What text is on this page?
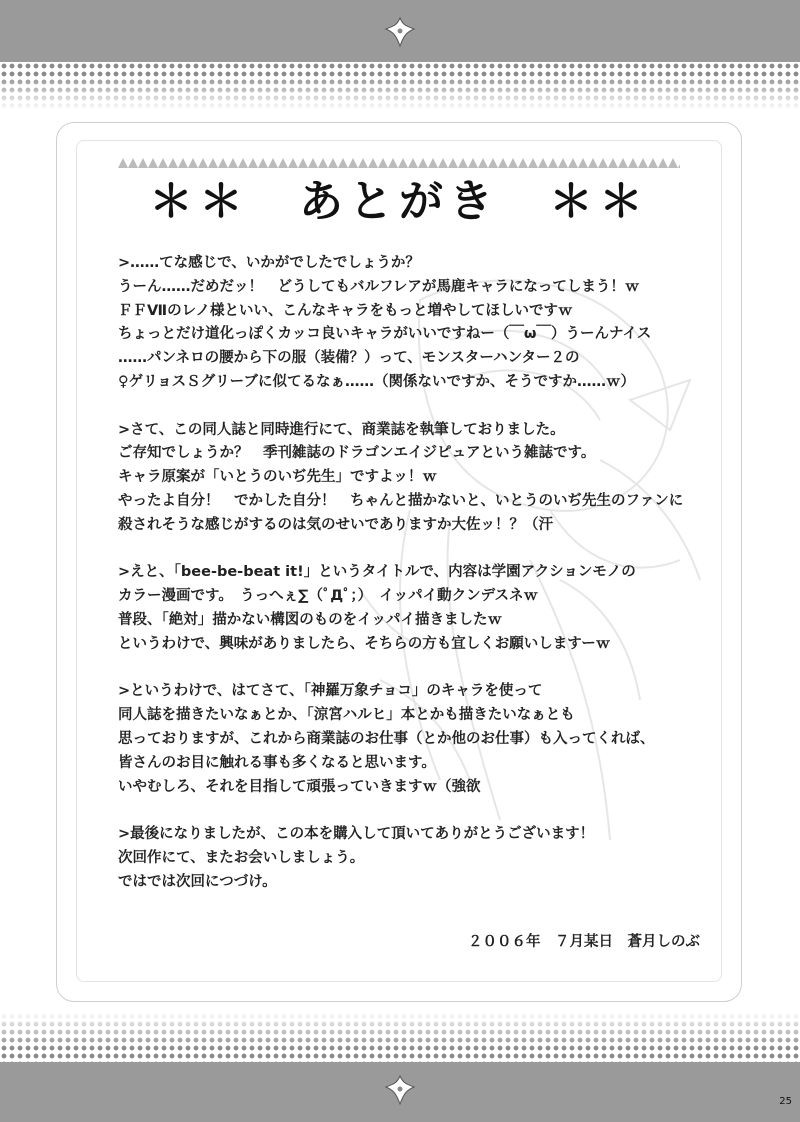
＊＊　あとがき　＊＊
>……てな感じで、いかがでしたでしょうか？
うーん……だめだッ！　どうしてもバルフレアが馬鹿キャラになってしまう！ｗ
ＦＦⅦのレノ様といい、こんなキャラをもっと増やしてほしいですｗ
ちょっとだけ道化っぽくカッコ良いキャラがいいですねー（￣ω￣）うーんナイス
……パンネロの腰から下の服（装備？）って、モンスターハンター２の
♀ゲリョスＳグリーブに似てるなぁ……（関係ないですか、そうですか……ｗ）
>さて、この同人誌と同時進行にて、商業誌を執筆しておりました。
ご存知でしょうか？　季刊雑誌のドラゴンエイジピュアという雑誌です。
キャラ原案が「いとうのいぢ先生」ですよッ！ｗ
やったよ自分！　でかした自分！　ちゃんと描かないと、いとうのいぢ先生のファンに
殺されそうな感じがするのは気のせいでありますか大佐ッ！？（汗
>えと、「bee-be-beat it!」というタイトルで、内容は学園アクションモノの
カラー漫画です。　うっへぇ∑（ﾟДﾟ；）　イッパイ動クンデスネｗ
普段、「絶対」描かない構図のものをイッパイ描きましたｗ
というわけで、興味がありましたら、そちらの方も宜しくお願いしますーｗ
>というわけで、はてさて、「神羅万象チョコ」のキャラを使って
同人誌を描きたいなぁとか、「涼宮ハルヒ」本とかも描きたいなぁとも
思っておりますが、これから商業誌のお仕事（とか他のお仕事）も入ってくれば、
皆さんのお目に触れる事も多くなると思います。
いやむしろ、それを目指して頑張っていきますｗ（強欲
>最後になりましたが、この本を購入して頂いてありがとうございます！
次回作にて、またお会いしましょう。
ではでは次回につづけ。
２００６年　７月某日　蒼月しのぶ
25
